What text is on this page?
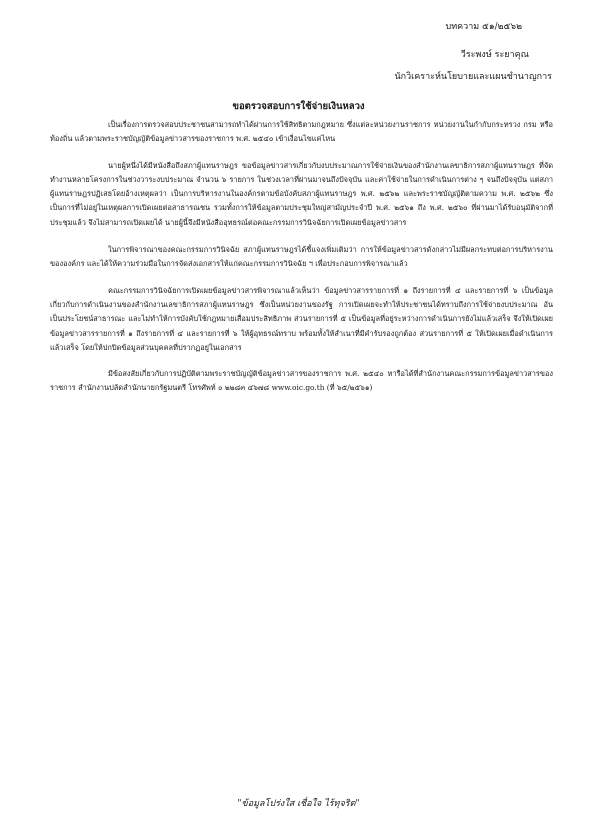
บทความ ๕๑/๒๕๖๒
วีระพงษ์ ระยาคุณ
นักวิเคราะห์นโยบายและแผนชำนาญการ
ขอตรวจสอบการใช้จ่ายเงินหลวง

เป็นเรื่องการตรวจสอบประชาชนสามารถทำได้ผ่านการใช้สิทธิตามกฎหมาย ซึ่งแต่ละหน่วยงานราชการ หน่วยงานในกำกับกระทรวง กรม หรือท้องถิ่น แล้วตามพระราชบัญญัติข้อมูลข่าวสารของราชการ พ.ศ. ๒๕๔๐ เข้าเงื่อนไขแค่ไหน

นายผู้หนึ่งได้มีหนังสือถึงสภาผู้แทนราษฎร ขอข้อมูลข่าวสารเกี่ยวกับงบประมาณการใช้จ่ายเงินของสำนักงานเลขาธิการสภาผู้แทนราษฎร ที่จัดทำงานหลายโครงการในช่วงวาระงบประมาณ จำนวน ๖ รายการ ในช่วงเวลาที่ผ่านมาจนถึงปัจจุบัน และค่าใช้จ่ายในการดำเนินการต่าง ๆ จนถึงปัจจุบัน แต่สภาผู้แทนราษฎรปฏิเสธโดยอ้างเหตุผลว่า เป็นการบริหารงานในองค์กรตามข้อบังคับสภาผู้แทนราษฎร พ.ศ. ๒๕๖๒ และพระราชบัญญัติตามความ พ.ศ. ๒๕๖๒ ซึ่งเป็นการที่ไม่อยู่ในเหตุผลการเปิดเผยต่อสาธารณชน รวมทั้งการให้ข้อมูลตามประชุมใหญ่สามัญประจำปี พ.ศ. ๒๕๖๑ ถึง พ.ศ. ๒๕๖๐ ที่ผ่านมาได้รับอนุมัติจากที่ประชุมแล้ว จึงไม่สามารถเปิดเผยได้ นายผู้นี้จึงมีหนังสืออุทธรณ์ต่อคณะกรรมการวินิจฉัยการเปิดเผยข้อมูลข่าวสาร

ในการพิจารณาของคณะกรรมการวินิจฉัย สภาผู้แทนราษฎรได้ชี้แจงเพิ่มเติมว่า การให้ข้อมูลข่าวสารดังกล่าวไม่มีผลกระทบต่อการบริหารงานขององค์กร และได้ให้ความร่วมมือในการจัดส่งเอกสารให้แก่คณะกรรมการวินิจฉัย ฯ เพื่อประกอบการพิจารณาแล้ว

คณะกรรมการวินิจฉัยการเปิดเผยข้อมูลข่าวสารพิจารณาแล้วเห็นว่า ข้อมูลข่าวสารรายการที่ ๑ ถึงรายการที่ ๔ และรายการที่ ๖ เป็นข้อมูลเกี่ยวกับการดำเนินงานของสำนักงานเลขาธิการสภาผู้แทนราษฎร ซึ่งเป็นหน่วยงานของรัฐ การเปิดเผยจะทำให้ประชาชนได้ทราบถึงการใช้จ่ายงบประมาณ อันเป็นประโยชน์สาธารณะ และไม่ทำให้การบังคับใช้กฎหมายเสื่อมประสิทธิภาพ ส่วนรายการที่ ๕ เป็นข้อมูลที่อยู่ระหว่างการดำเนินการยังไม่แล้วเสร็จ จึงให้เปิดเผยข้อมูลข่าวสารรายการที่ ๑ ถึงรายการที่ ๔ และรายการที่ ๖ ให้ผู้อุทธรณ์ทราบ พร้อมทั้งให้สำเนาที่มีคำรับรองถูกต้อง ส่วนรายการที่ ๕ ให้เปิดเผยเมื่อดำเนินการแล้วเสร็จ โดยให้ปกปิดข้อมูลส่วนบุคคลที่ปรากฏอยู่ในเอกสาร

มีข้อสงสัยเกี่ยวกับการปฏิบัติตามพระราชบัญญัติข้อมูลข่าวสารของราชการ พ.ศ. ๒๕๔๐ หารือได้ที่สำนักงานคณะกรรมการข้อมูลข่าวสารของราชการ สำนักงานปลัดสำนักนายกรัฐมนตรี โทรศัพท์ ๐ ๒๒๘๓ ๔๖๗๘ www.oic.go.th (ที่ ๖๕/๒๕๖๑)

"ข้อมูลโปร่งใส เชื่อใจ ไร้ทุจริต"
